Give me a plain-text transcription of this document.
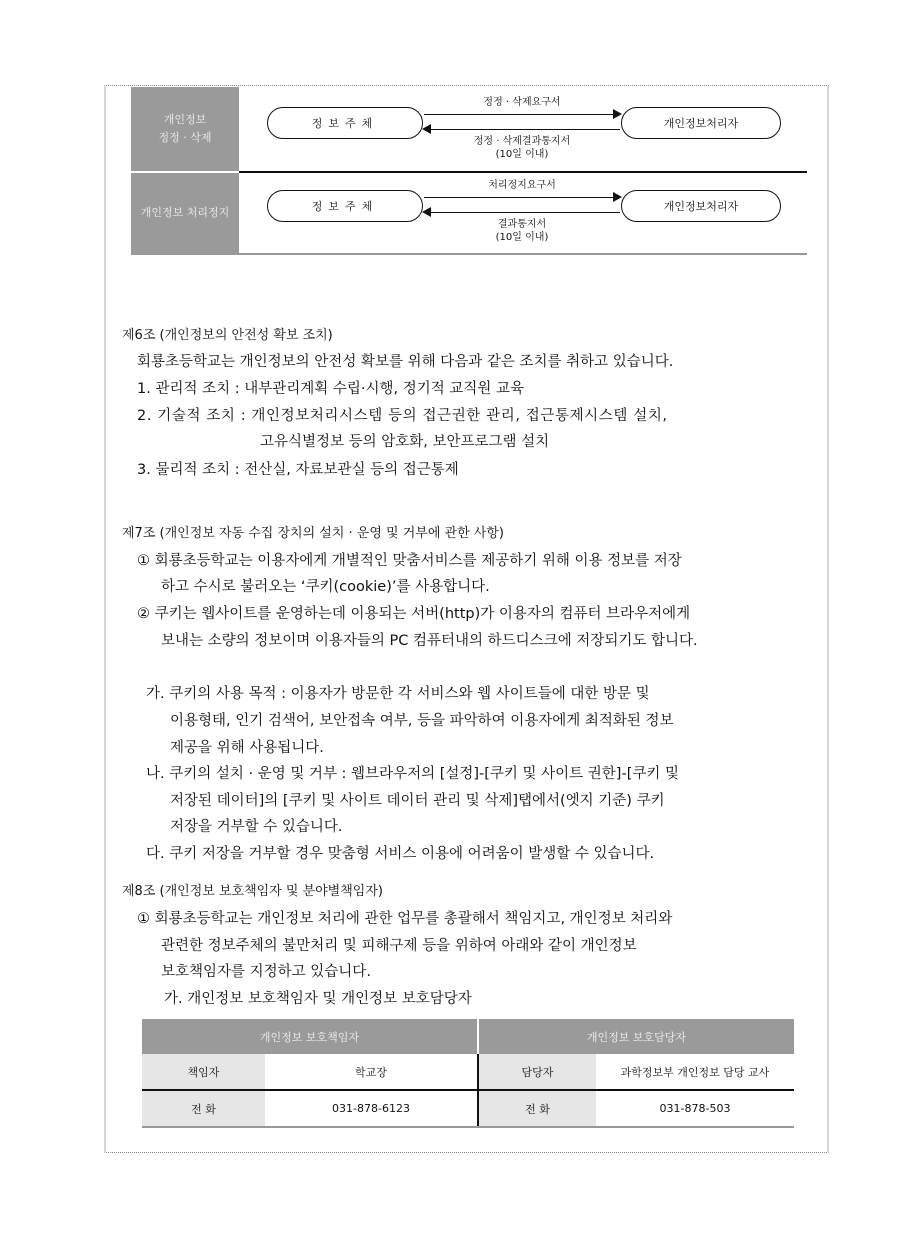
개인정보
정정 · 삭제
정보주체
정정 · 삭제요구서
정정 · 삭제결과통지서
(10일 이내)
개인정보처리자
개인정보 처리정지	정보주체
처리정지요구서
결과통지서
(10일 이내)
개인정보처리자
제6조 (개인정보의 안전성 확보 조치)
회룡초등학교는 개인정보의 안전성 확보를 위해 다음과 같은 조치를 취하고 있습니다.
1. 관리적 조치 : 내부관리계획 수립·시행, 정기적 교직원 교육
2. 기술적 조치 : 개인정보처리시스템 등의 접근권한 관리, 접근통제시스템 설치,
고유식별정보 등의 암호화, 보안프로그램 설치
3. 물리적 조치 : 전산실, 자료보관실 등의 접근통제
제7조 (개인정보 자동 수집 장치의 설치 · 운영 및 거부에 관한 사항)
① 회룡초등학교는 이용자에게 개별적인 맞춤서비스를 제공하기 위해 이용 정보를 저장
하고 수시로 불러오는 ‘쿠키(cookie)’를 사용합니다.
② 쿠키는 웹사이트를 운영하는데 이용되는 서버(http)가 이용자의 컴퓨터 브라우저에게
보내는 소량의 정보이며 이용자들의 PC 컴퓨터내의 하드디스크에 저장되기도 합니다.
가. 쿠키의 사용 목적 : 이용자가 방문한 각 서비스와 웹 사이트들에 대한 방문 및
이용형태, 인기 검색어, 보안접속 여부, 등을 파악하여 이용자에게 최적화된 정보
제공을 위해 사용됩니다.
나. 쿠키의 설치 · 운영 및 거부 : 웹브라우저의 [설정]-[쿠키 및 사이트 권한]-[쿠키 및
저장된 데이터]의 [쿠키 및 사이트 데이터 관리 및 삭제]탭에서(엣지 기준) 쿠키
저장을 거부할 수 있습니다.
다. 쿠키 저장을 거부할 경우 맞춤형 서비스 이용에 어려움이 발생할 수 있습니다.
제8조 (개인정보 보호책임자 및 분야별책임자)
① 회룡초등학교는 개인정보 처리에 관한 업무를 총괄해서 책임지고, 개인정보 처리와
관련한 정보주체의 불만처리 및 피해구제 등을 위하여 아래와 같이 개인정보
보호책임자를 지정하고 있습니다.
가. 개인정보 보호책임자 및 개인정보 보호담당자
개인정보 보호책임자		개인정보 보호담당자	
책임자	학교장	담당자	과학정보부 개인정보 담당 교사
전 화	031-878-6123	전 화	031-878-503
